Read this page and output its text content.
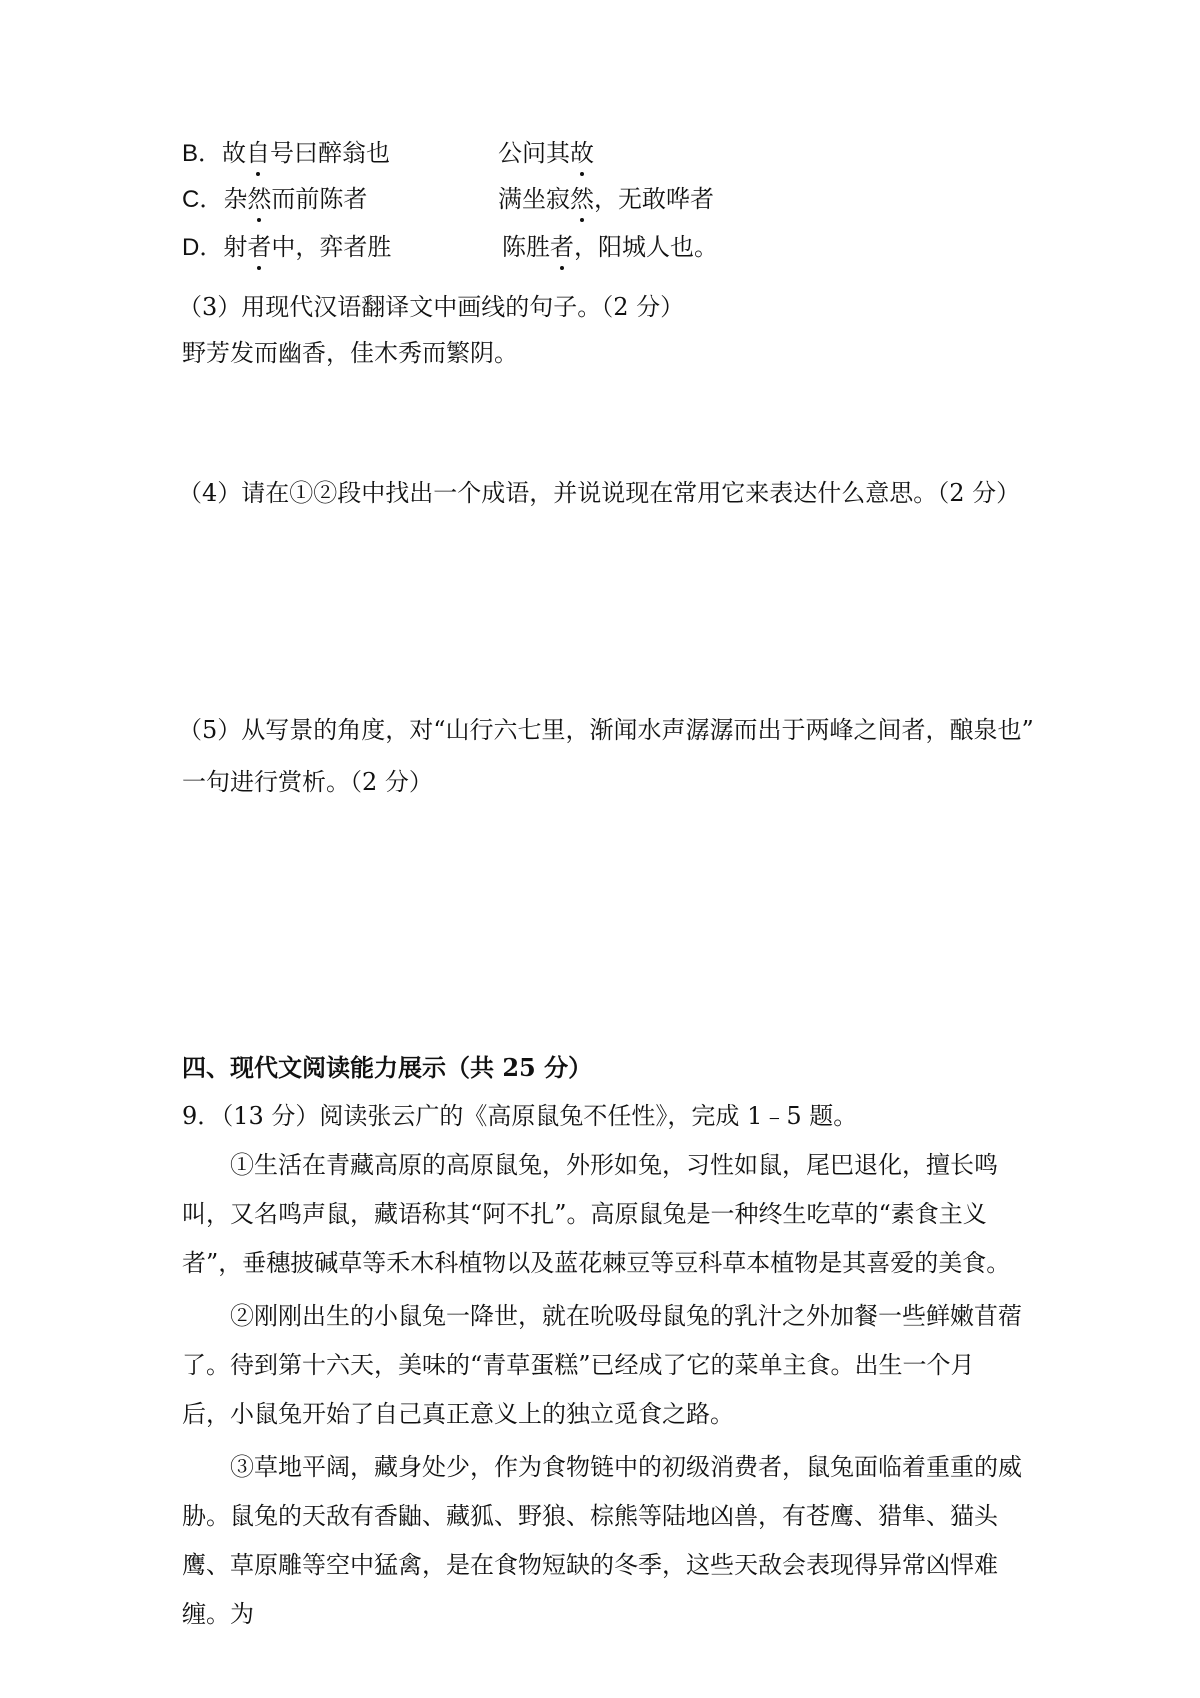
B．故自号曰醉翁也	公问其故
C．杂然而前陈者	满坐寂然，无敢哗者
D．射者中，弈者胜	陈胜者，阳城人也。
（3）用现代汉语翻译文中画线的句子。（2 分）
野芳发而幽香，佳木秀而繁阴。
（4）请在①②段中找出一个成语，并说说现在常用它来表达什么意思。（2 分）
（5）从写景的角度，对“山行六七里，渐闻水声潺潺而出于两峰之间者，酿泉也”
一句进行赏析。（2 分）
四、现代文阅读能力展示（共 25 分）
9．（13 分）阅读张云广的《高原鼠兔不任性》，完成 1﹣5 题。
①生活在青藏高原的高原鼠兔，外形如兔，习性如鼠，尾巴退化，擅长鸣叫，又名鸣声鼠，藏语称其“阿不扎”。高原鼠兔是一种终生吃草的“素食主义者”，垂穗披碱草等禾木科植物以及蓝花棘豆等豆科草本植物是其喜爱的美食。
②刚刚出生的小鼠兔一降世，就在吮吸母鼠兔的乳汁之外加餐一些鲜嫩苜蓿了。待到第十六天，美味的“青草蛋糕”已经成了它的菜单主食。出生一个月后，小鼠兔开始了自己真正意义上的独立觅食之路。
③草地平阔，藏身处少，作为食物链中的初级消费者，鼠兔面临着重重的威胁。鼠兔的天敌有香鼬、藏狐、野狼、棕熊等陆地凶兽，有苍鹰、猎隼、猫头鹰、草原雕等空中猛禽，是在食物短缺的冬季，这些天敌会表现得异常凶悍难缠。为
